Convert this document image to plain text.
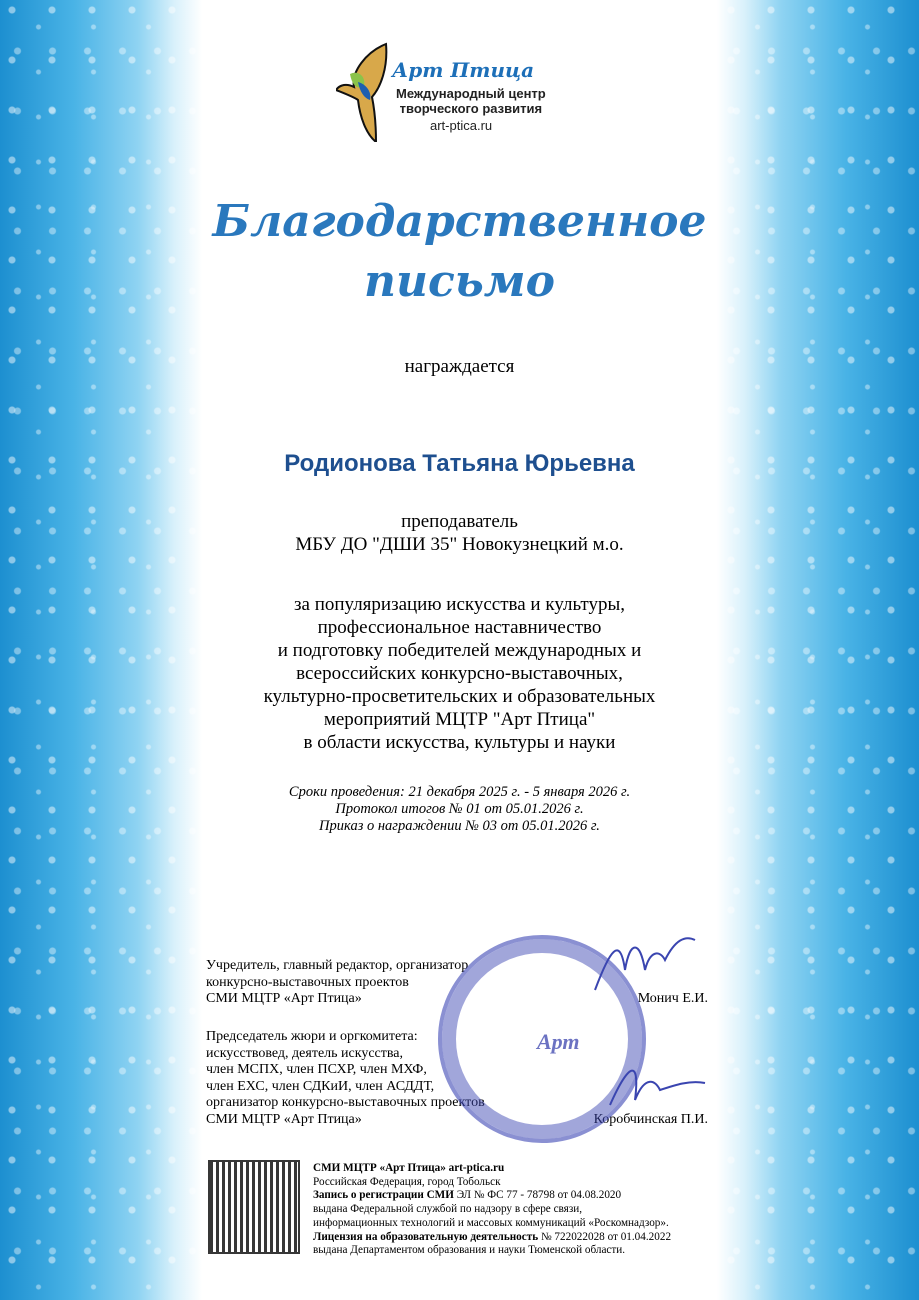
Арт Птица
Международный центр
творческого развития
art-ptica.ru
Благодарственное
письмо
награждается
Родионова Татьяна Юрьевна
преподаватель
МБУ ДО "ДШИ 35" Новокузнецкий м.о.
за популяризацию искусства и культуры,
профессиональное наставничество
и подготовку победителей международных и
всероссийских конкурсно-выставочных,
культурно-просветительских и образовательных
мероприятий МЦТР "Арт Птица"
в области искусства, культуры и науки
Сроки проведения: 21 декабря 2025 г. - 5 января 2026 г.
Протокол итогов № 01 от 05.01.2026 г.
Приказ о награждении № 03 от 05.01.2026 г.
Учредитель, главный редактор, организатор
конкурсно-выставочных проектов
СМИ МЦТР «Арт Птица»	Монич Е.И.
Председатель жюри и оргкомитета:
искусствовед, деятель искусства,
член МСПХ, член ПСХР, член МХФ,
член ЕХС, член СДКиИ, член АСДДТ,
организатор конкурсно-выставочных проектов
СМИ МЦТР «Арт Птица»	Коробчинская П.И.
Арт
СМИ МЦТР «Арт Птица» art-ptica.ru
Российская Федерация, город Тобольск
Запись о регистрации СМИ ЭЛ № ФС 77 - 78798 от 04.08.2020
выдана Федеральной службой по надзору в сфере связи,
информационных технологий и массовых коммуникаций «Роскомнадзор».
Лицензия на образовательную деятельность № 722022028 от 01.04.2022
выдана Департаментом образования и науки Тюменской области.
